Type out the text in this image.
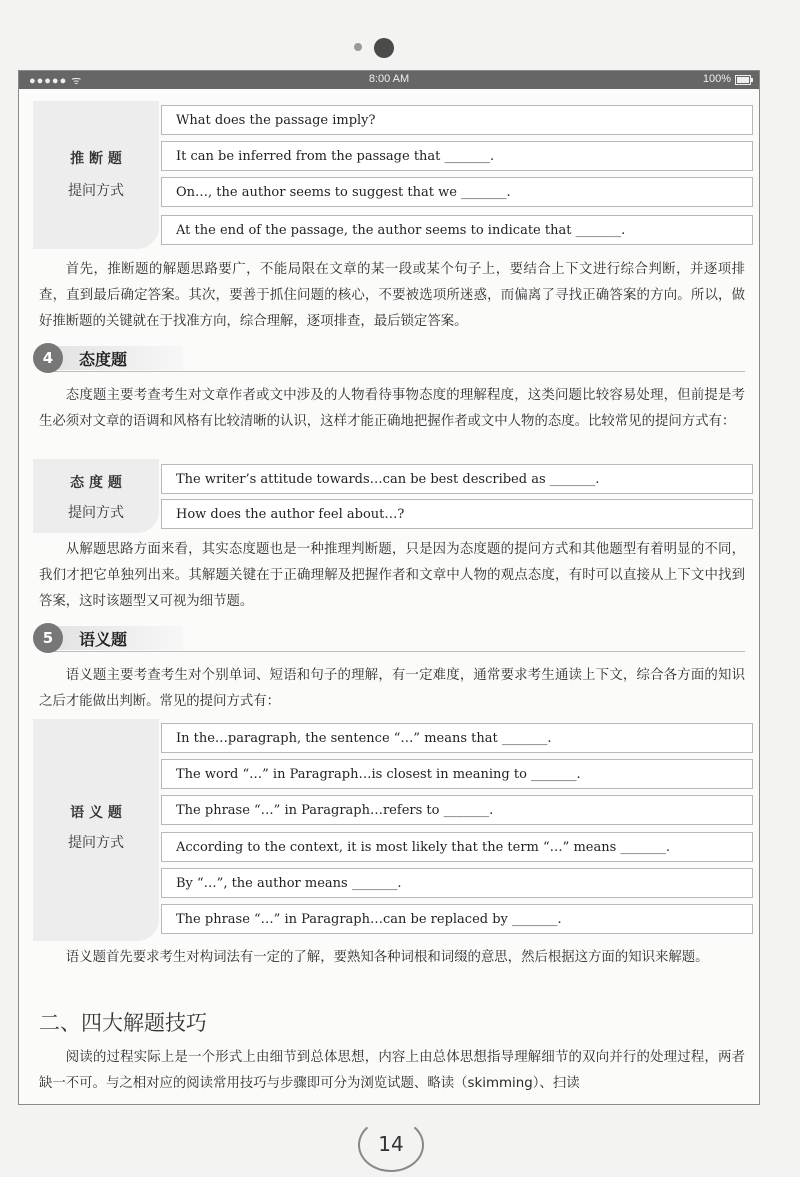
●●●●● ᯤ	8:00 AM	100%
推 断 题
提问方式
What does the passage imply?
It can be inferred from the passage that _______.
On…, the author seems to suggest that we _______.
At the end of the passage, the author seems to indicate that _______.
首先，推断题的解题思路要广，不能局限在文章的某一段或某个句子上，要结合上下文进行综合判断，并逐项排查，直到最后确定答案。其次，要善于抓住问题的核心，不要被选项所迷惑，而偏离了寻找正确答案的方向。所以，做好推断题的关键就在于找准方向，综合理解，逐项排查，最后锁定答案。
4	态度题
态度题主要考查考生对文章作者或文中涉及的人物看待事物态度的理解程度，这类问题比较容易处理，但前提是考生必须对文章的语调和风格有比较清晰的认识，这样才能正确地把握作者或文中人物的态度。比较常见的提问方式有：
态 度 题
提问方式
The writer’s attitude towards…can be best described as _______.
How does the author feel about…?
从解题思路方面来看，其实态度题也是一种推理判断题，只是因为态度题的提问方式和其他题型有着明显的不同，我们才把它单独列出来。其解题关键在于正确理解及把握作者和文章中人物的观点态度，有时可以直接从上下文中找到答案，这时该题型又可视为细节题。
5	语义题
语义题主要考查考生对个别单词、短语和句子的理解，有一定难度，通常要求考生通读上下文，综合各方面的知识之后才能做出判断。常见的提问方式有：
语 义 题
提问方式
In the…paragraph, the sentence “…” means that _______.
The word “…” in Paragraph…is closest in meaning to _______.
The phrase “…” in Paragraph…refers to _______.
According to the context, it is most likely that the term “…” means _______.
By “…”, the author means _______.
The phrase “…” in Paragraph…can be replaced by _______.
语义题首先要求考生对构词法有一定的了解，要熟知各种词根和词缀的意思，然后根据这方面的知识来解题。
二、四大解题技巧
阅读的过程实际上是一个形式上由细节到总体思想，内容上由总体思想指导理解细节的双向并行的处理过程，两者缺一不可。与之相对应的阅读常用技巧与步骤即可分为浏览试题、略读（skimming）、扫读
14
